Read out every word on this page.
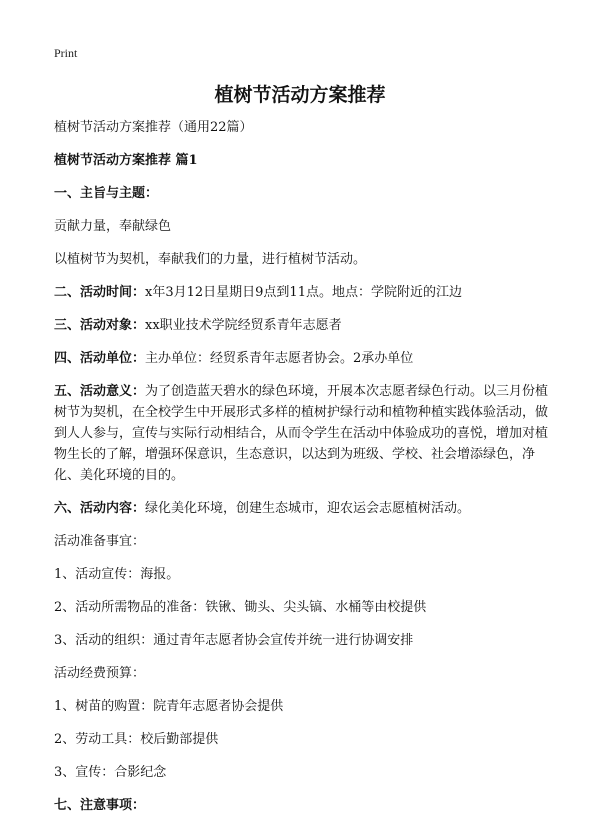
Print
植树节活动方案推荐

植树节活动方案推荐（通用22篇）

植树节活动方案推荐 篇1

一、主旨与主题：

贡献力量，奉献绿色

以植树节为契机，奉献我们的力量，进行植树节活动。

二、活动时间：x年3月12日星期日9点到11点。地点：学院附近的江边

三、活动对象：xx职业技术学院经贸系青年志愿者

四、活动单位：主办单位：经贸系青年志愿者协会。2承办单位

五、活动意义：为了创造蓝天碧水的绿色环境，开展本次志愿者绿色行动。以三月份植树节为契机，在全校学生中开展形式多样的植树护绿行动和植物种植实践体验活动，做到人人参与，宣传与实际行动相结合，从而令学生在活动中体验成功的喜悦，增加对植物生长的了解，增强环保意识，生态意识，以达到为班级、学校、社会增添绿色，净化、美化环境的目的。

六、活动内容：绿化美化环境，创建生态城市，迎农运会志愿植树活动。

活动准备事宜：

1、活动宣传：海报。

2、活动所需物品的准备：铁锹、锄头、尖头镐、水桶等由校提供

3、活动的组织：通过青年志愿者协会宣传并统一进行协调安排

活动经费预算：

1、树苗的购置：院青年志愿者协会提供

2、劳动工具：校后勤部提供

3、宣传：合影纪念

七、注意事项：
